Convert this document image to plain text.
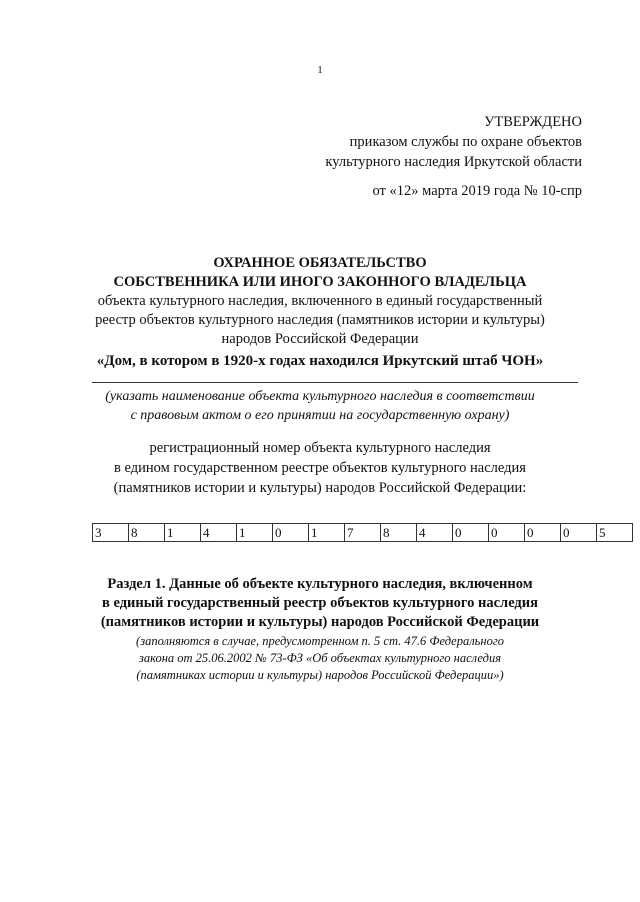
1
УТВЕРЖДЕНО
приказом службы по охране объектов
культурного наследия Иркутской области
от «12» марта 2019 года № 10-спр
ОХРАННОЕ ОБЯЗАТЕЛЬСТВО
СОБСТВЕННИКА ИЛИ ИНОГО ЗАКОННОГО ВЛАДЕЛЬЦА
объекта культурного наследия, включенного в единый государственный
реестр объектов культурного наследия (памятников истории и культуры)
народов Российской Федерации
«Дом, в котором в 1920-х годах находился Иркутский штаб ЧОН»
(указать наименование объекта культурного наследия в соответствии
с правовым актом о его принятии на государственную охрану)
регистрационный номер объекта культурного наследия
в едином государственном реестре объектов культурного наследия
(памятников истории и культуры) народов Российской Федерации:
3	8	1	4	1	0	1	7	8	4	0	0	0	0	5
Раздел 1. Данные об объекте культурного наследия, включенном
в единый государственный реестр объектов культурного наследия
(памятников истории и культуры) народов Российской Федерации
(заполняются в случае, предусмотренном п. 5 ст. 47.6 Федерального
закона от 25.06.2002 № 73-ФЗ «Об объектах культурного наследия
(памятниках истории и культуры) народов Российской Федерации»)
